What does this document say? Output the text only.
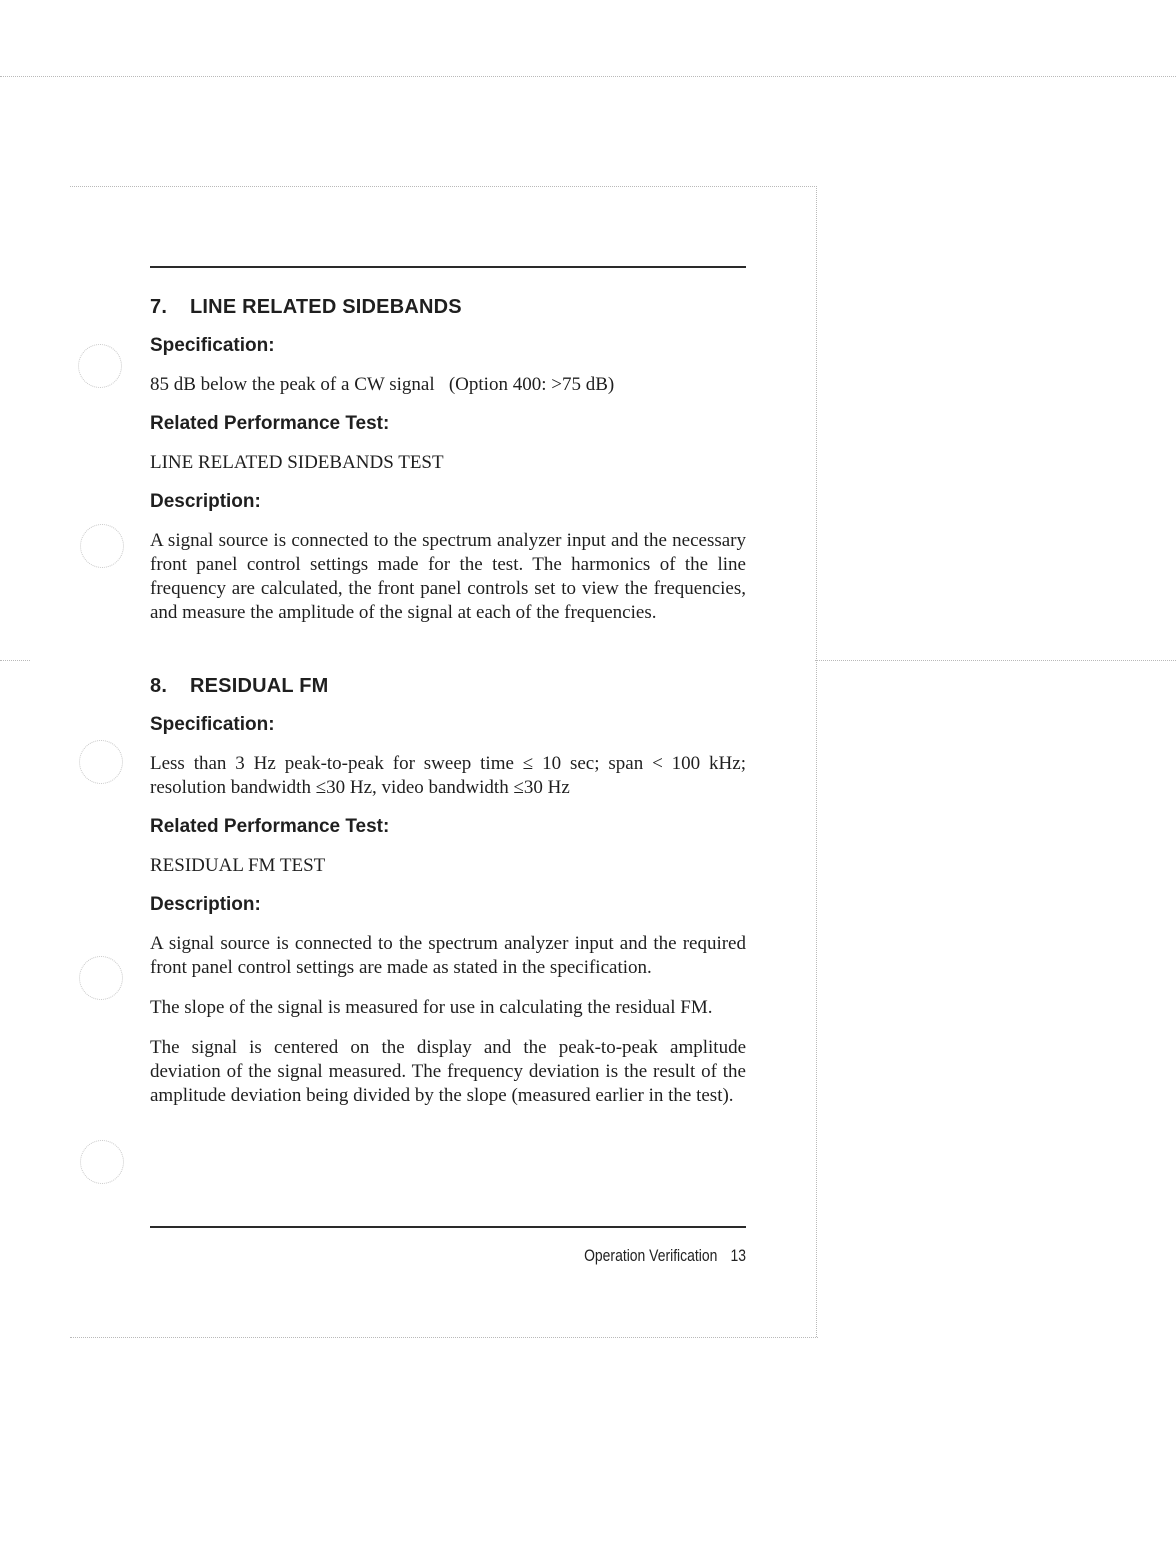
7. LINE RELATED SIDEBANDS
Specification:

85 dB below the peak of a CW signal   (Option 400: >75 dB)

Related Performance Test:

LINE RELATED SIDEBANDS TEST

Description:

A signal source is connected to the spectrum analyzer input and the necessary front panel control settings made for the test. The harmonics of the line frequency are calculated, the front panel controls set to view the frequencies, and measure the amplitude of the signal at each of the frequencies.

8. RESIDUAL FM
Specification:

Less than 3 Hz peak-to-peak for sweep time ≤ 10 sec; span < 100 kHz; resolution bandwidth ≤30 Hz, video bandwidth ≤30 Hz

Related Performance Test:

RESIDUAL FM TEST

Description:

A signal source is connected to the spectrum analyzer input and the required front panel control settings are made as stated in the specification.

The slope of the signal is measured for use in calculating the residual FM.

The signal is centered on the display and the peak-to-peak amplitude deviation of the signal measured. The frequency deviation is the result of the amplitude deviation being divided by the slope (measured earlier in the test).

Operation Verification 13
